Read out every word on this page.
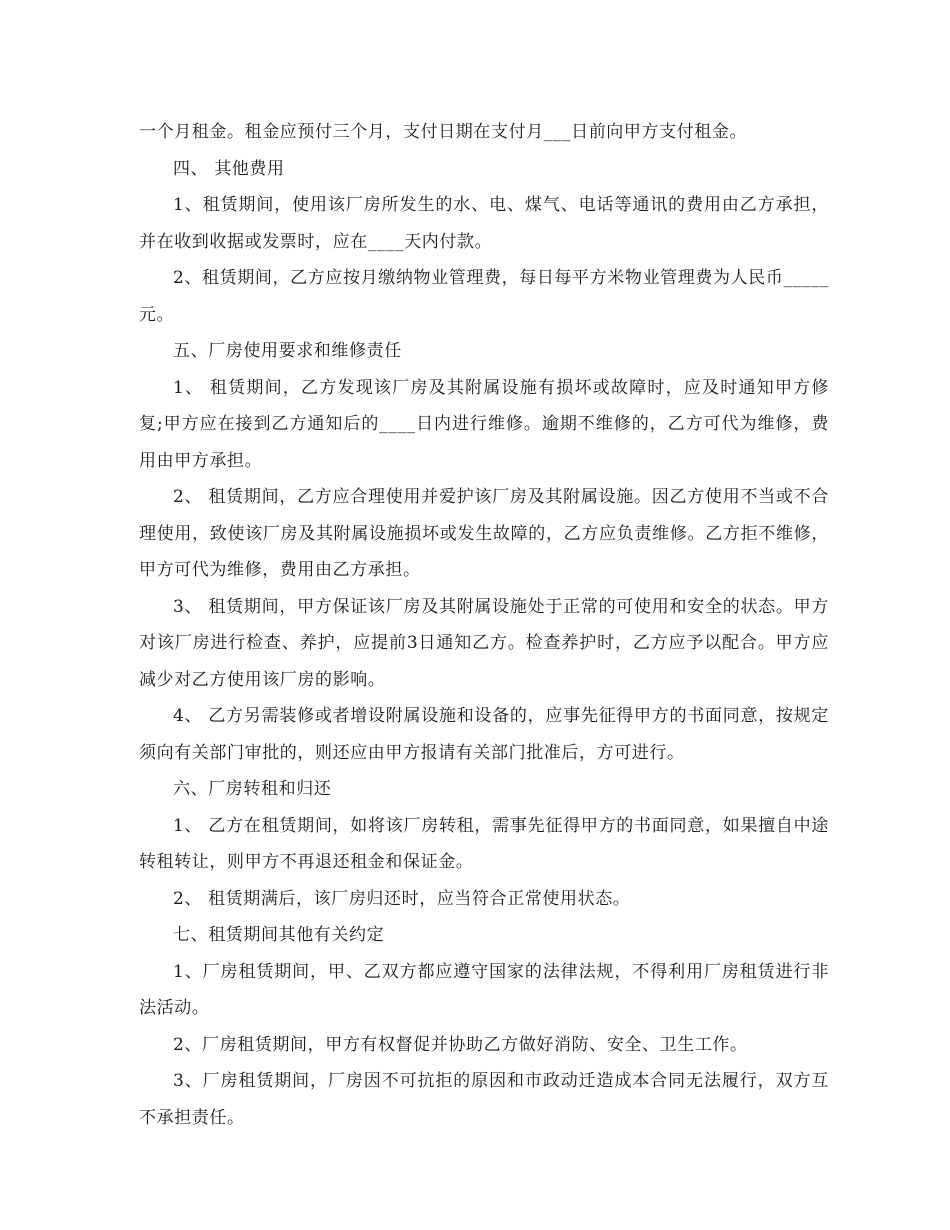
一个月租金。租金应预付三个月，支付日期在支付月___日前向甲方支付租金。

四、 其他费用

1、租赁期间，使用该厂房所发生的水、电、煤气、电话等通讯的费用由乙方承担，并在收到收据或发票时，应在____天内付款。

2、租赁期间，乙方应按月缴纳物业管理费，每日每平方米物业管理费为人民币_____元。

五、厂房使用要求和维修责任

1、 租赁期间，乙方发现该厂房及其附属设施有损坏或故障时，应及时通知甲方修复;甲方应在接到乙方通知后的____日内进行维修。逾期不维修的，乙方可代为维修，费用由甲方承担。

2、 租赁期间，乙方应合理使用并爱护该厂房及其附属设施。因乙方使用不当或不合理使用，致使该厂房及其附属设施损坏或发生故障的，乙方应负责维修。乙方拒不维修，甲方可代为维修，费用由乙方承担。

3、 租赁期间，甲方保证该厂房及其附属设施处于正常的可使用和安全的状态。甲方对该厂房进行检查、养护，应提前3日通知乙方。检查养护时，乙方应予以配合。甲方应减少对乙方使用该厂房的影响。

4、 乙方另需装修或者增设附属设施和设备的，应事先征得甲方的书面同意，按规定须向有关部门审批的，则还应由甲方报请有关部门批准后，方可进行。

六、厂房转租和归还

1、 乙方在租赁期间，如将该厂房转租，需事先征得甲方的书面同意，如果擅自中途转租转让，则甲方不再退还租金和保证金。

2、 租赁期满后，该厂房归还时，应当符合正常使用状态。

七、租赁期间其他有关约定

1、厂房租赁期间，甲、乙双方都应遵守国家的法律法规，不得利用厂房租赁进行非法活动。

2、厂房租赁期间，甲方有权督促并协助乙方做好消防、安全、卫生工作。

3、厂房租赁期间，厂房因不可抗拒的原因和市政动迁造成本合同无法履行，双方互不承担责任。
